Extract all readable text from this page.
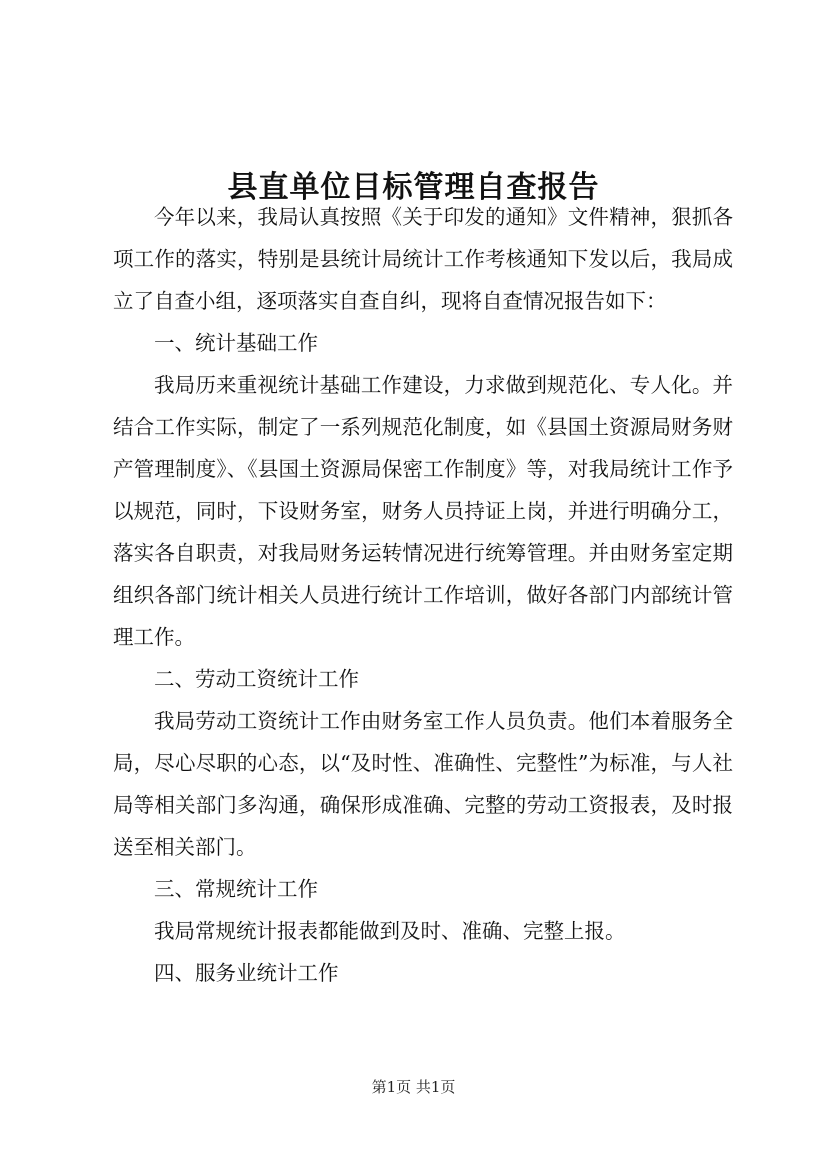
县直单位目标管理自查报告

今年以来，我局认真按照《关于印发的通知》文件精神，狠抓各项工作的落实，特别是县统计局统计工作考核通知下发以后，我局成立了自查小组，逐项落实自查自纠，现将自查情况报告如下：

一、统计基础工作

我局历来重视统计基础工作建设，力求做到规范化、专人化。并结合工作实际，制定了一系列规范化制度，如《县国土资源局财务财产管理制度》、《县国土资源局保密工作制度》等，对我局统计工作予以规范，同时，下设财务室，财务人员持证上岗，并进行明确分工，落实各自职责，对我局财务运转情况进行统筹管理。并由财务室定期组织各部门统计相关人员进行统计工作培训，做好各部门内部统计管理工作。

二、劳动工资统计工作

我局劳动工资统计工作由财务室工作人员负责。他们本着服务全局，尽心尽职的心态，以“及时性、准确性、完整性”为标准，与人社局等相关部门多沟通，确保形成准确、完整的劳动工资报表，及时报送至相关部门。

三、常规统计工作

我局常规统计报表都能做到及时、准确、完整上报。

四、服务业统计工作

第1页 共1页
